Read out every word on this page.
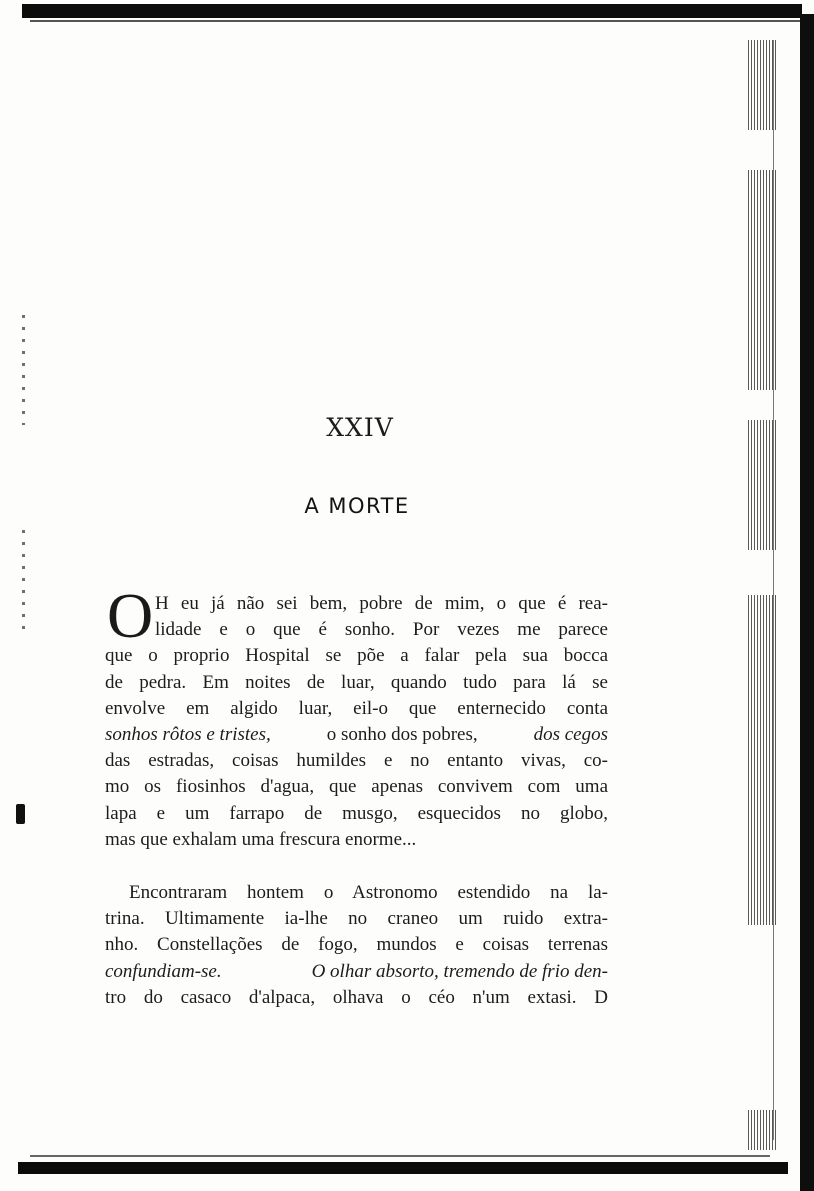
XXIV
A MORTE
O H eu já não sei bem, pobre de mim, o que é rea-
lidade e o que é sonho. Por vezes me parece
que o proprio Hospital se põe a falar pela sua bocca
de pedra. Em noites de luar, quando tudo para lá se
envolve em algido luar, eil-o que enternecido conta
sonhos rôtos e tristes,	o sonho dos pobres,	dos cegos
das estradas, coisas humildes e no entanto vivas, co-
mo os fiosinhos d'agua, que apenas convivem com uma
lapa e um farrapo de musgo, esquecidos no globo,
mas que exhalam uma frescura enorme...
Encontraram hontem o Astronomo estendido na la-
trina. Ultimamente ia-lhe no craneo um ruido extra-
nho. Constellações de fogo, mundos e coisas terrenas
confundiam-se.	O olhar absorto, tremendo de frio den-
tro do casaco d'alpaca, olhava o céo n'um extasi. D
